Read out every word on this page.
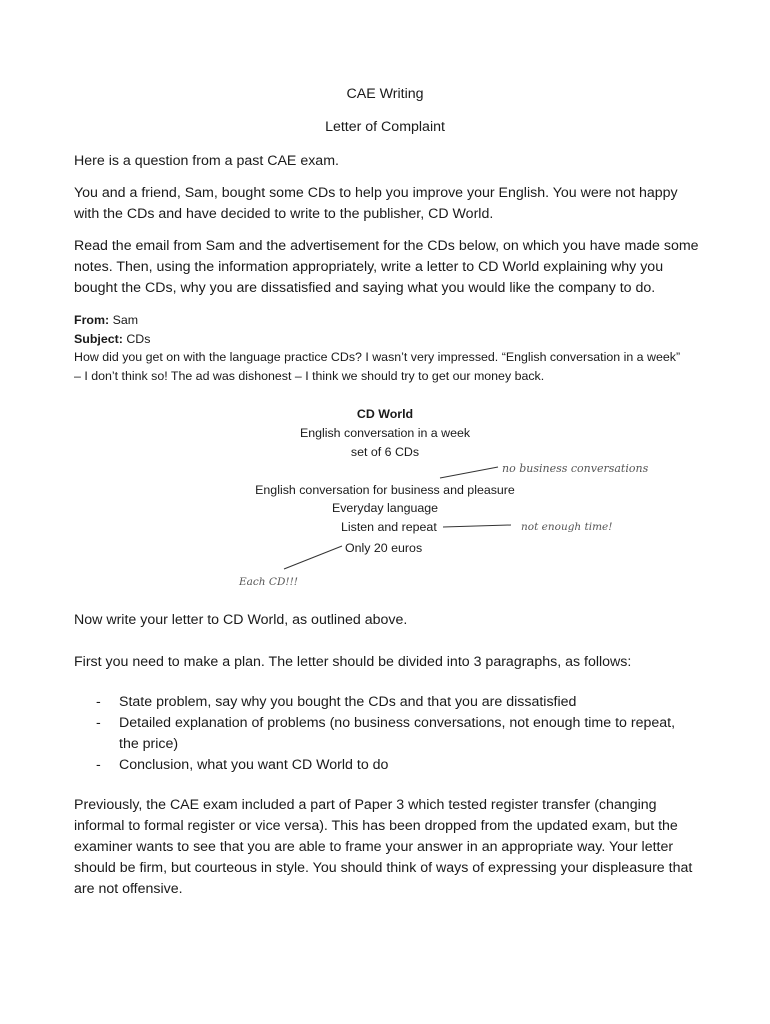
CAE Writing
Letter of Complaint
Here is a question from a past CAE exam.
You and a friend, Sam, bought some CDs to help you improve your English. You were not happy with the CDs and have decided to write to the publisher, CD World.
Read the email from Sam and the advertisement for the CDs below, on which you have made some notes. Then, using the information appropriately, write a letter to CD World explaining why you bought the CDs, why you are dissatisfied and saying what you would like the company to do.
From: Sam
Subject: CDs
How did you get on with the language practice CDs? I wasn’t very impressed. “English conversation in a week” – I don’t think so! The ad was dishonest – I think we should try to get our money back.
CD World
English conversation in a week
set of 6 CDs
English conversation for business and pleasure
Everyday language
Listen and repeat
Only 20 euros
no business conversations
not enough time!
Each CD!!!
Now write your letter to CD World, as outlined above.
First you need to make a plan. The letter should be divided into 3 paragraphs, as follows:
- State problem, say why you bought the CDs and that you are dissatisfied
- Detailed explanation of problems (no business conversations, not enough time to repeat, the price)
- Conclusion, what you want CD World to do
Previously, the CAE exam included a part of Paper 3 which tested register transfer (changing informal to formal register or vice versa). This has been dropped from the updated exam, but the examiner wants to see that you are able to frame your answer in an appropriate way. Your letter should be firm, but courteous in style. You should think of ways of expressing your displeasure that are not offensive.
